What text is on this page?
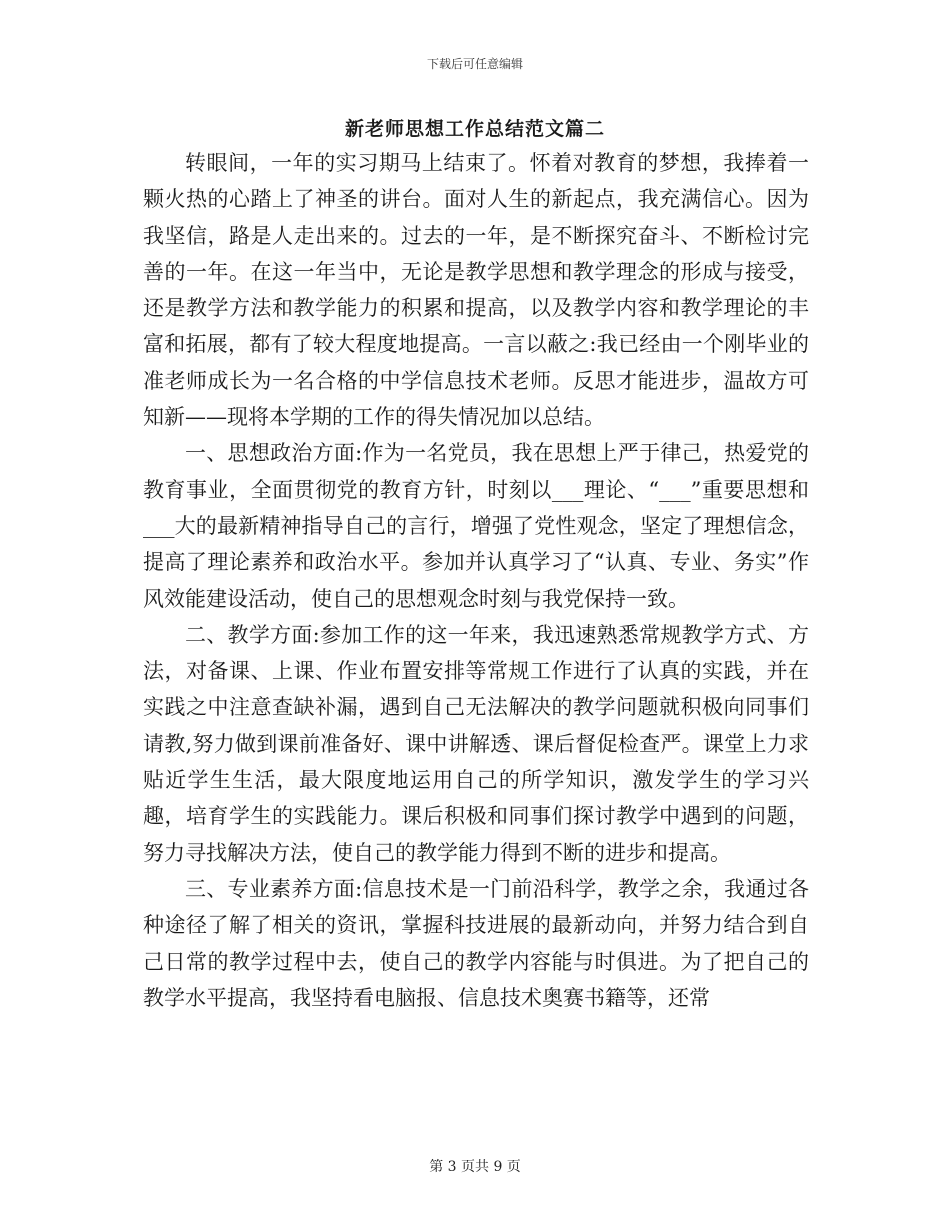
下载后可任意编辑
新老师思想工作总结范文篇二

转眼间，一年的实习期马上结束了。怀着对教育的梦想，我捧着一颗火热的心踏上了神圣的讲台。面对人生的新起点，我充满信心。因为我坚信，路是人走出来的。过去的一年，是不断探究奋斗、不断检讨完善的一年。在这一年当中，无论是教学思想和教学理念的形成与接受，还是教学方法和教学能力的积累和提高，以及教学内容和教学理论的丰富和拓展，都有了较大程度地提高。一言以蔽之:我已经由一个刚毕业的准老师成长为一名合格的中学信息技术老师。反思才能进步，温故方可知新——现将本学期的工作的得失情况加以总结。

一、思想政治方面:作为一名党员，我在思想上严于律己，热爱党的教育事业，全面贯彻党的教育方针，时刻以___理论、“___”重要思想和___大的最新精神指导自己的言行，增强了党性观念，坚定了理想信念，提高了理论素养和政治水平。参加并认真学习了“认真、专业、务实”作风效能建设活动，使自己的思想观念时刻与我党保持一致。

二、教学方面:参加工作的这一年来，我迅速熟悉常规教学方式、方法，对备课、上课、作业布置安排等常规工作进行了认真的实践，并在实践之中注意查缺补漏，遇到自己无法解决的教学问题就积极向同事们请教,努力做到课前准备好、课中讲解透、课后督促检查严。课堂上力求贴近学生生活，最大限度地运用自己的所学知识，激发学生的学习兴趣，培育学生的实践能力。课后积极和同事们探讨教学中遇到的问题，努力寻找解决方法，使自己的教学能力得到不断的进步和提高。

三、专业素养方面:信息技术是一门前沿科学，教学之余，我通过各种途径了解了相关的资讯，掌握科技进展的最新动向，并努力结合到自己日常的教学过程中去，使自己的教学内容能与时俱进。为了把自己的教学水平提高，我坚持看电脑报、信息技术奥赛书籍等，还常

第 3 页共 9 页
